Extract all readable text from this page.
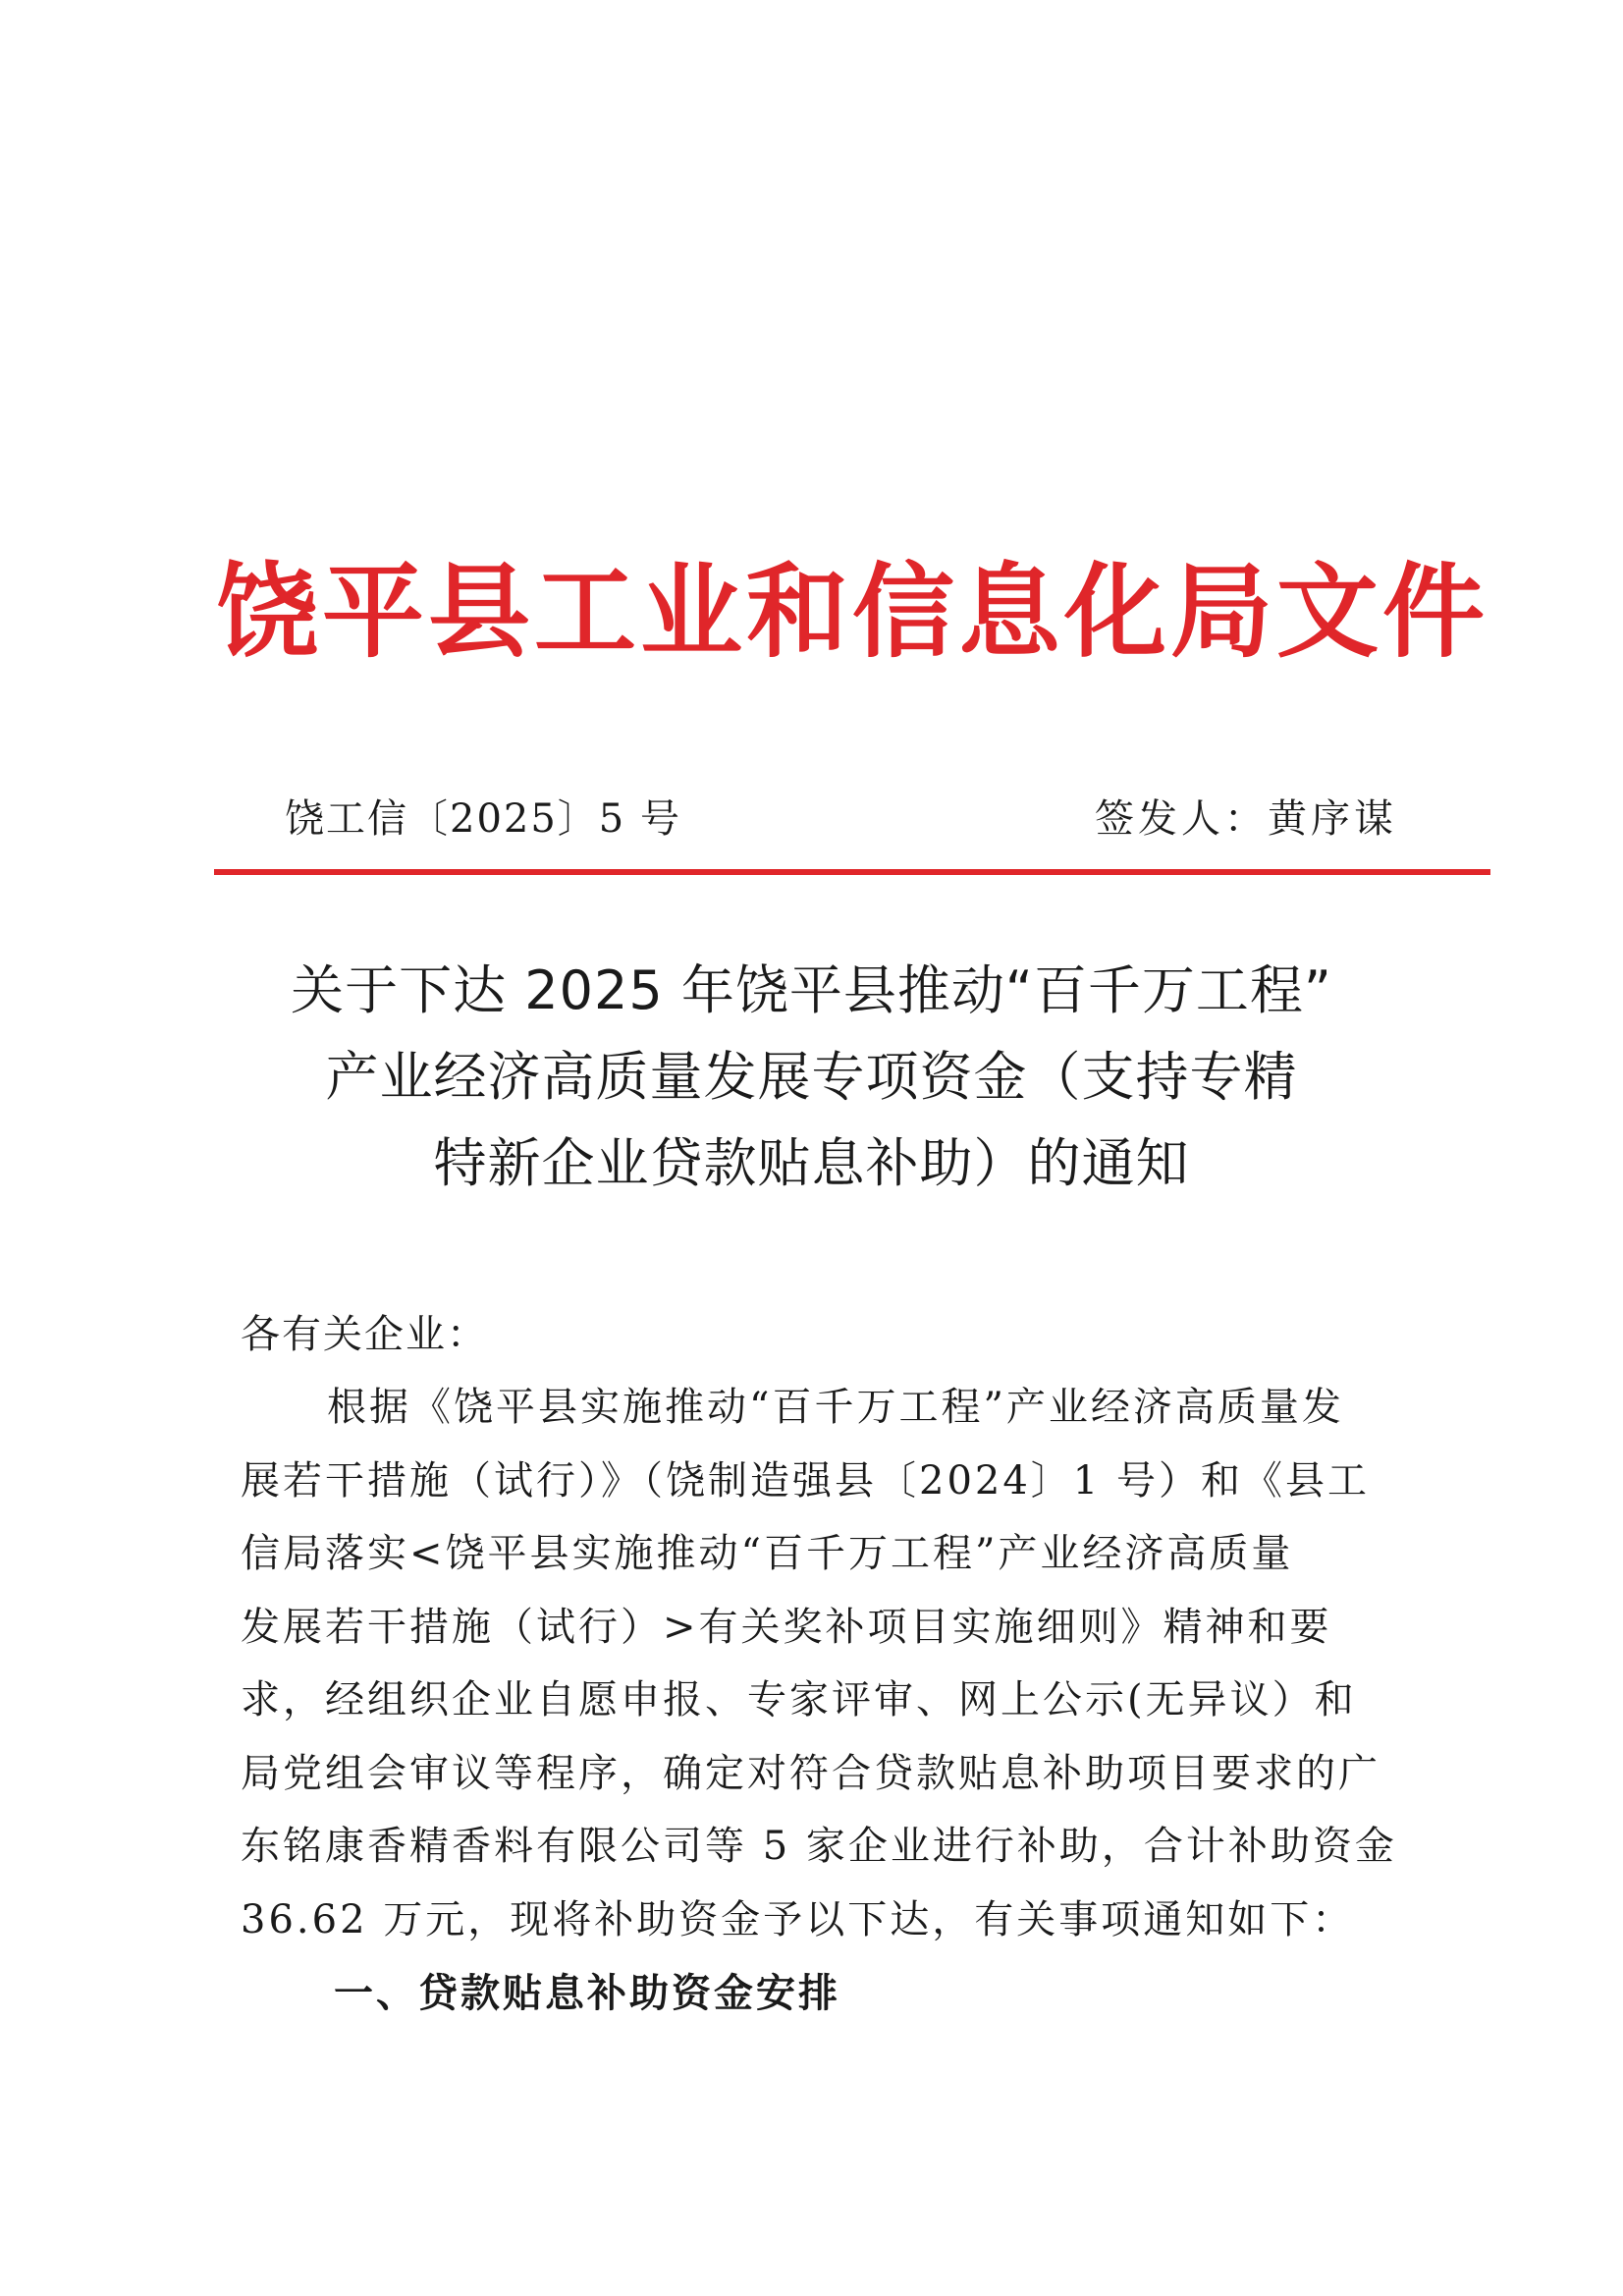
饶平县工业和信息化局文件
饶工信〔2025〕5 号	签发人：黄序谋
关于下达 2025 年饶平县推动“百千万工程”
产业经济高质量发展专项资金（支持专精
特新企业贷款贴息补助）的通知
各有关企业：
根据《饶平县实施推动“百千万工程”产业经济高质量发
展若干措施（试行）》（饶制造强县〔2024〕1 号）和《县工
信局落实<饶平县实施推动“百千万工程”产业经济高质量
发展若干措施（试行）>有关奖补项目实施细则》精神和要
求，经组织企业自愿申报、专家评审、网上公示(无异议）和
局党组会审议等程序，确定对符合贷款贴息补助项目要求的广
东铭康香精香料有限公司等 5 家企业进行补助，合计补助资金
36.62 万元，现将补助资金予以下达，有关事项通知如下：
一、贷款贴息补助资金安排
